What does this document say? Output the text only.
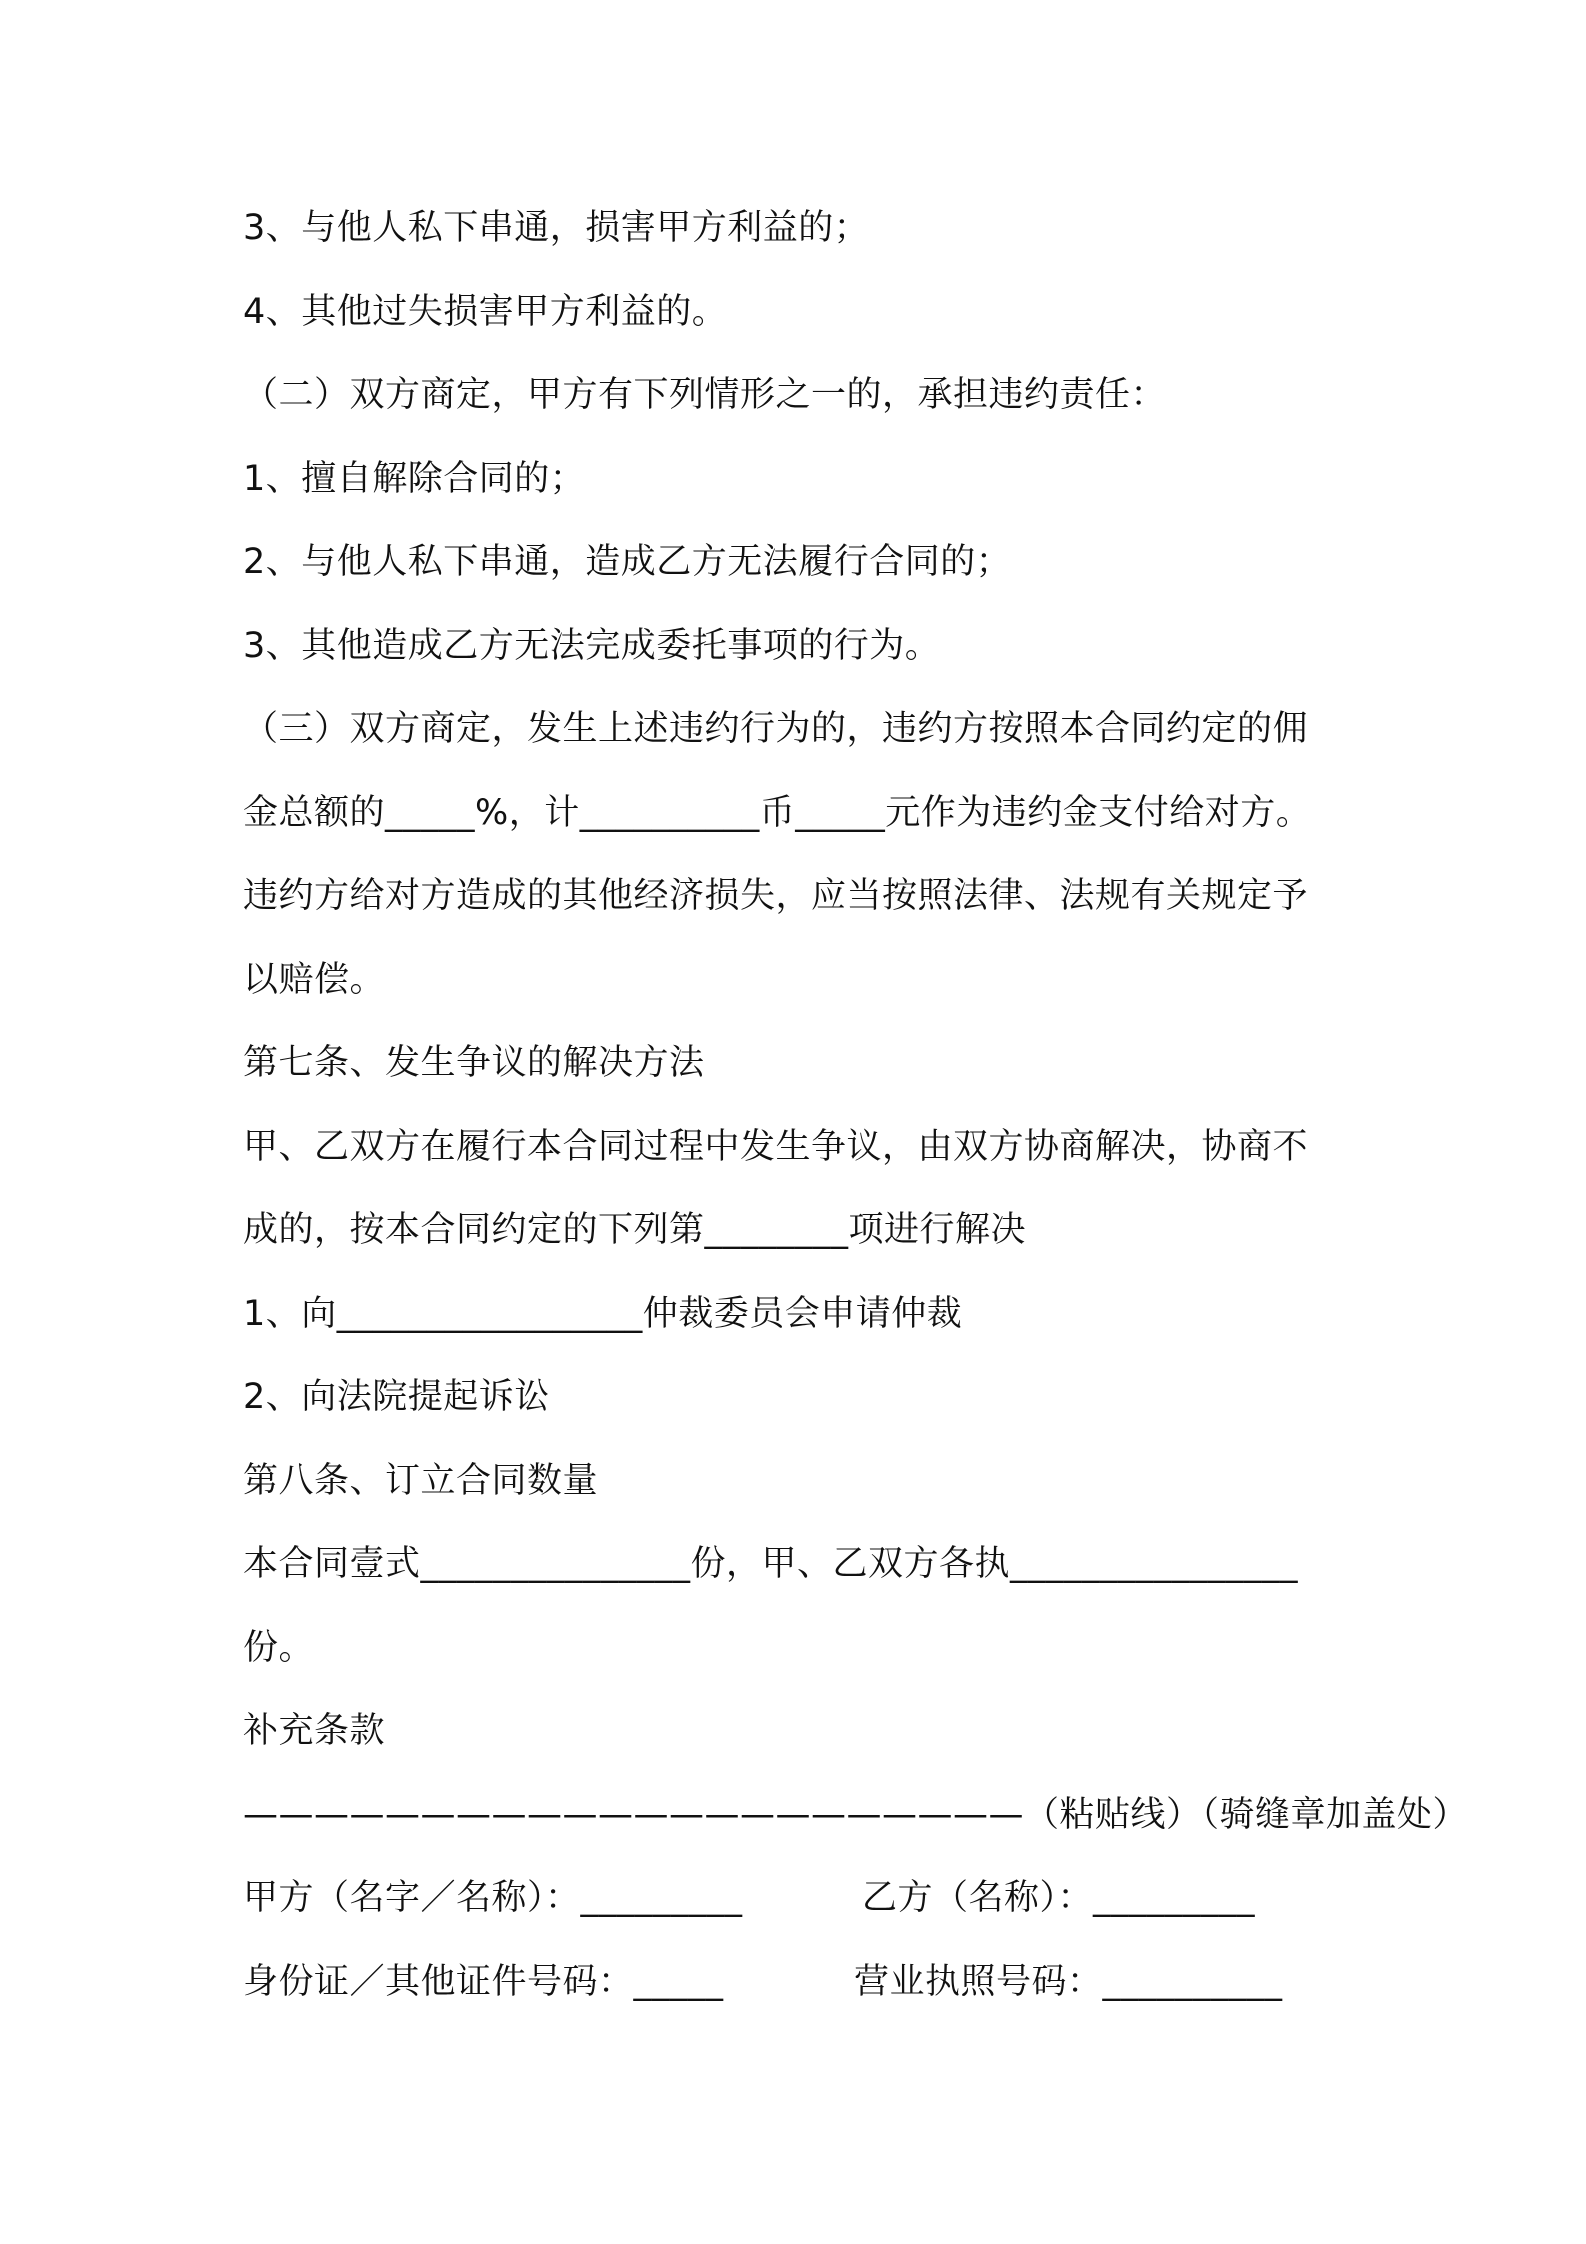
3、与他人私下串通，损害甲方利益的；
4、其他过失损害甲方利益的。
（二）双方商定，甲方有下列情形之一的，承担违约责任：
1、擅自解除合同的；
2、与他人私下串通，造成乙方无法履行合同的；
3、其他造成乙方无法完成委托事项的行为。
（三）双方商定，发生上述违约行为的，违约方按照本合同约定的佣
金总额的_____%，计__________币_____元作为违约金支付给对方。
违约方给对方造成的其他经济损失，应当按照法律、法规有关规定予
以赔偿。
第七条、发生争议的解决方法
甲、乙双方在履行本合同过程中发生争议，由双方协商解决，协商不
成的，按本合同约定的下列第________项进行解决
1、向_________________仲裁委员会申请仲裁
2、向法院提起诉讼
第八条、订立合同数量
本合同壹式_______________份，甲、乙双方各执________________
份。
补充条款
——————————————————————（粘贴线）（骑缝章加盖处）
甲方（名字／名称）：_________	乙方（名称）：_________
身份证／其他证件号码：_____	营业执照号码：__________
